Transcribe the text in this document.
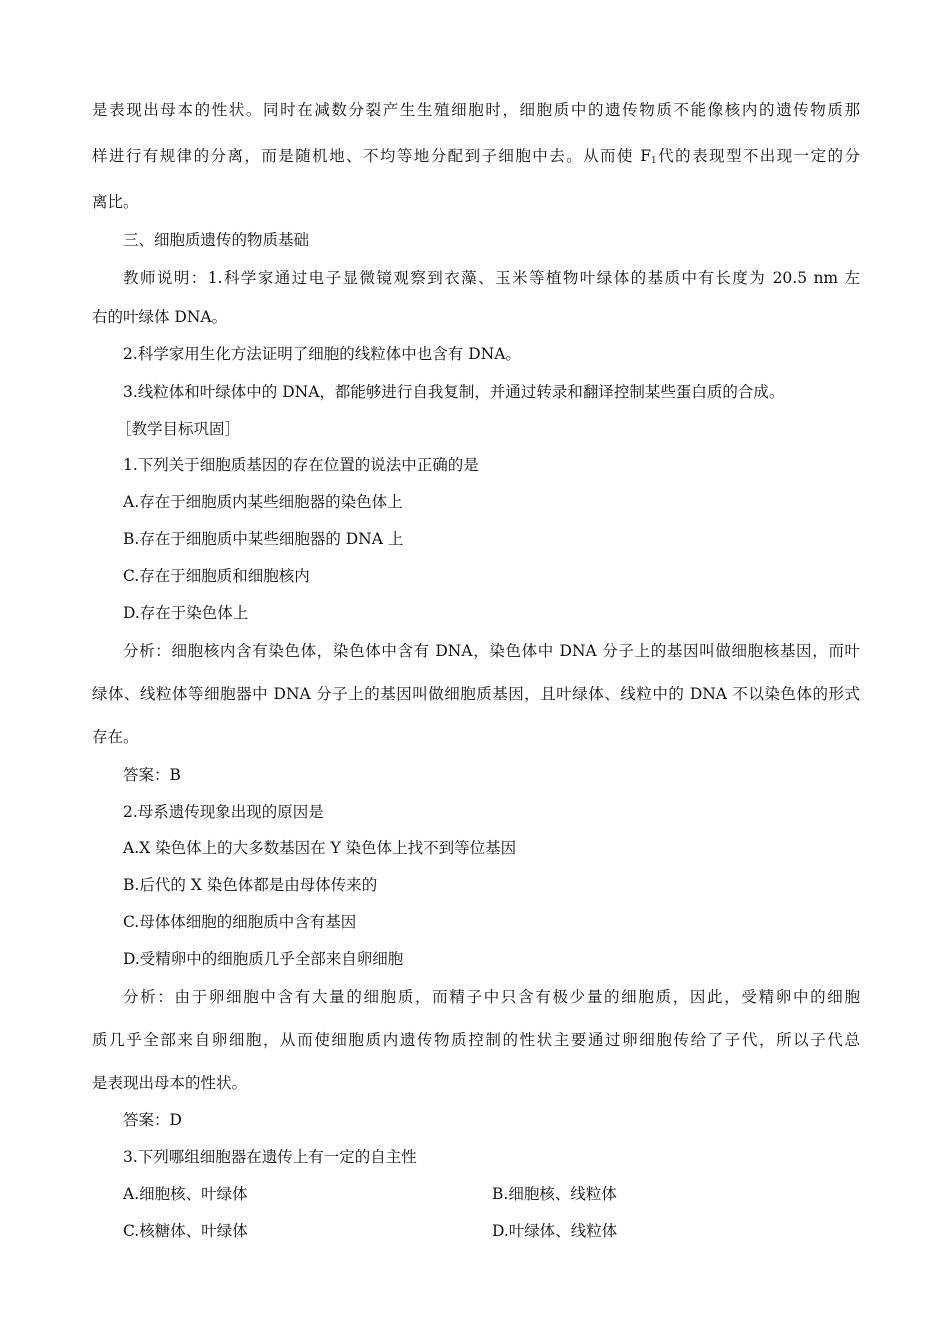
是表现出母本的性状。同时在减数分裂产生生殖细胞时，细胞质中的遗传物质不能像核内的遗传物质那
样进行有规律的分离，而是随机地、不均等地分配到子细胞中去。从而使 $F_1$代的表现型不出现一定的分
离比。
三、细胞质遗传的物质基础
教师说明：1.科学家通过电子显微镜观察到衣藻、玉米等植物叶绿体的基质中有长度为 20.5 nm 左
右的叶绿体 DNA。
2.科学家用生化方法证明了细胞的线粒体中也含有 DNA。
3.线粒体和叶绿体中的 DNA，都能够进行自我复制，并通过转录和翻译控制某些蛋白质的合成。
［教学目标巩固］
1.下列关于细胞质基因的存在位置的说法中正确的是
A.存在于细胞质内某些细胞器的染色体上
B.存在于细胞质中某些细胞器的 DNA 上
C.存在于细胞质和细胞核内
D.存在于染色体上
分析：细胞核内含有染色体，染色体中含有 DNA，染色体中 DNA 分子上的基因叫做细胞核基因，而叶
绿体、线粒体等细胞器中 DNA 分子上的基因叫做细胞质基因，且叶绿体、线粒中的 DNA 不以染色体的形式
存在。
答案：B
2.母系遗传现象出现的原因是
A.X 染色体上的大多数基因在 Y 染色体上找不到等位基因
B.后代的 X 染色体都是由母体传来的
C.母体体细胞的细胞质中含有基因
D.受精卵中的细胞质几乎全部来自卵细胞
分析：由于卵细胞中含有大量的细胞质，而精子中只含有极少量的细胞质，因此，受精卵中的细胞
质几乎全部来自卵细胞，从而使细胞质内遗传物质控制的性状主要通过卵细胞传给了子代，所以子代总
是表现出母本的性状。
答案：D
3.下列哪组细胞器在遗传上有一定的自主性
A.细胞核、叶绿体	B.细胞核、线粒体
C.核糖体、叶绿体	D.叶绿体、线粒体
